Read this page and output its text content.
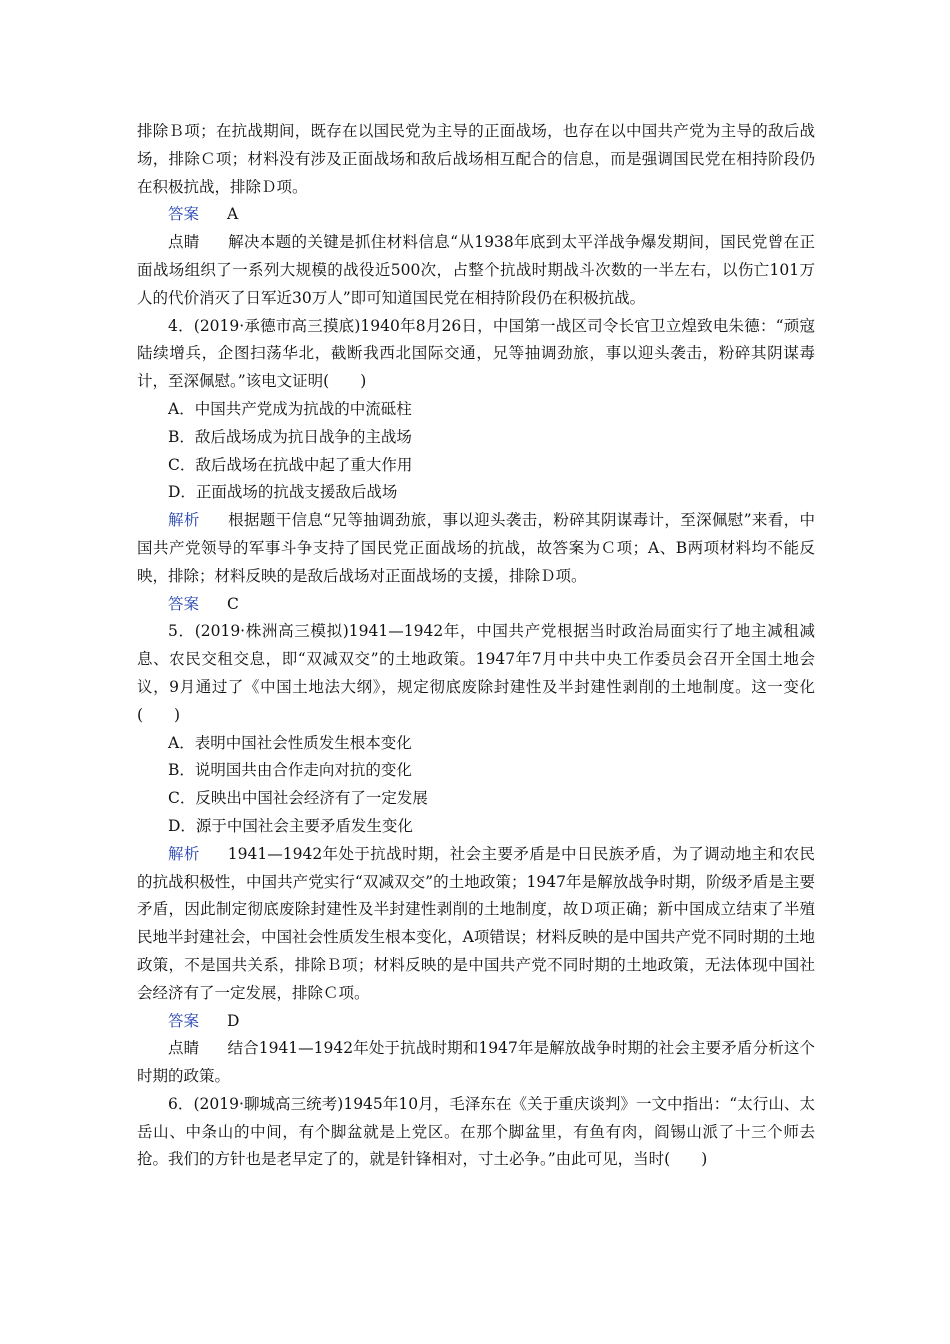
排除Ｂ项；在抗战期间，既存在以国民党为主导的正面战场，也存在以中国共产党为主导的敌后战场，排除Ｃ项；材料没有涉及正面战场和敌后战场相互配合的信息，而是强调国民党在相持阶段仍在积极抗战，排除Ｄ项。

答案 A

点睛 解决本题的关键是抓住材料信息“从1938年底到太平洋战争爆发期间，国民党曾在正面战场组织了一系列大规模的战役近500次，占整个抗战时期战斗次数的一半左右，以伤亡101万人的代价消灭了日军近30万人”即可知道国民党在相持阶段仍在积极抗战。

4．(2019·承德市高三摸底)1940年8月26日，中国第一战区司令长官卫立煌致电朱德：“顽寇陆续增兵，企图扫荡华北，截断我西北国际交通，兄等抽调劲旅，事以迎头袭击，粉碎其阴谋毒计，至深佩慰。”该电文证明(　　)

A．中国共产党成为抗战的中流砥柱

B．敌后战场成为抗日战争的主战场

C．敌后战场在抗战中起了重大作用

D．正面战场的抗战支援敌后战场

解析 根据题干信息“兄等抽调劲旅，事以迎头袭击，粉碎其阴谋毒计，至深佩慰”来看，中国共产党领导的军事斗争支持了国民党正面战场的抗战，故答案为Ｃ项；A、B两项材料均不能反映，排除；材料反映的是敌后战场对正面战场的支援，排除Ｄ项。

答案 C

5．(2019·株洲高三模拟)1941—1942年，中国共产党根据当时政治局面实行了地主减租减息、农民交租交息，即“双减双交”的土地政策。1947年7月中共中央工作委员会召开全国土地会议，9月通过了《中国土地法大纲》，规定彻底废除封建性及半封建性剥削的土地制度。这一变化(　　)

A．表明中国社会性质发生根本变化

B．说明国共由合作走向对抗的变化

C．反映出中国社会经济有了一定发展

D．源于中国社会主要矛盾发生变化

解析 1941—1942年处于抗战时期，社会主要矛盾是中日民族矛盾，为了调动地主和农民的抗战积极性，中国共产党实行“双减双交”的土地政策；1947年是解放战争时期，阶级矛盾是主要矛盾，因此制定彻底废除封建性及半封建性剥削的土地制度，故Ｄ项正确；新中国成立结束了半殖民地半封建社会，中国社会性质发生根本变化，A项错误；材料反映的是中国共产党不同时期的土地政策，不是国共关系，排除Ｂ项；材料反映的是中国共产党不同时期的土地政策，无法体现中国社会经济有了一定发展，排除Ｃ项。

答案 D

点睛 结合1941—1942年处于抗战时期和1947年是解放战争时期的社会主要矛盾分析这个时期的政策。

6．(2019·聊城高三统考)1945年10月，毛泽东在《关于重庆谈判》一文中指出：“太行山、太岳山、中条山的中间，有个脚盆就是上党区。在那个脚盆里，有鱼有肉，阎锡山派了十三个师去抢。我们的方针也是老早定了的，就是针锋相对，寸土必争。”由此可见，当时(　　)
